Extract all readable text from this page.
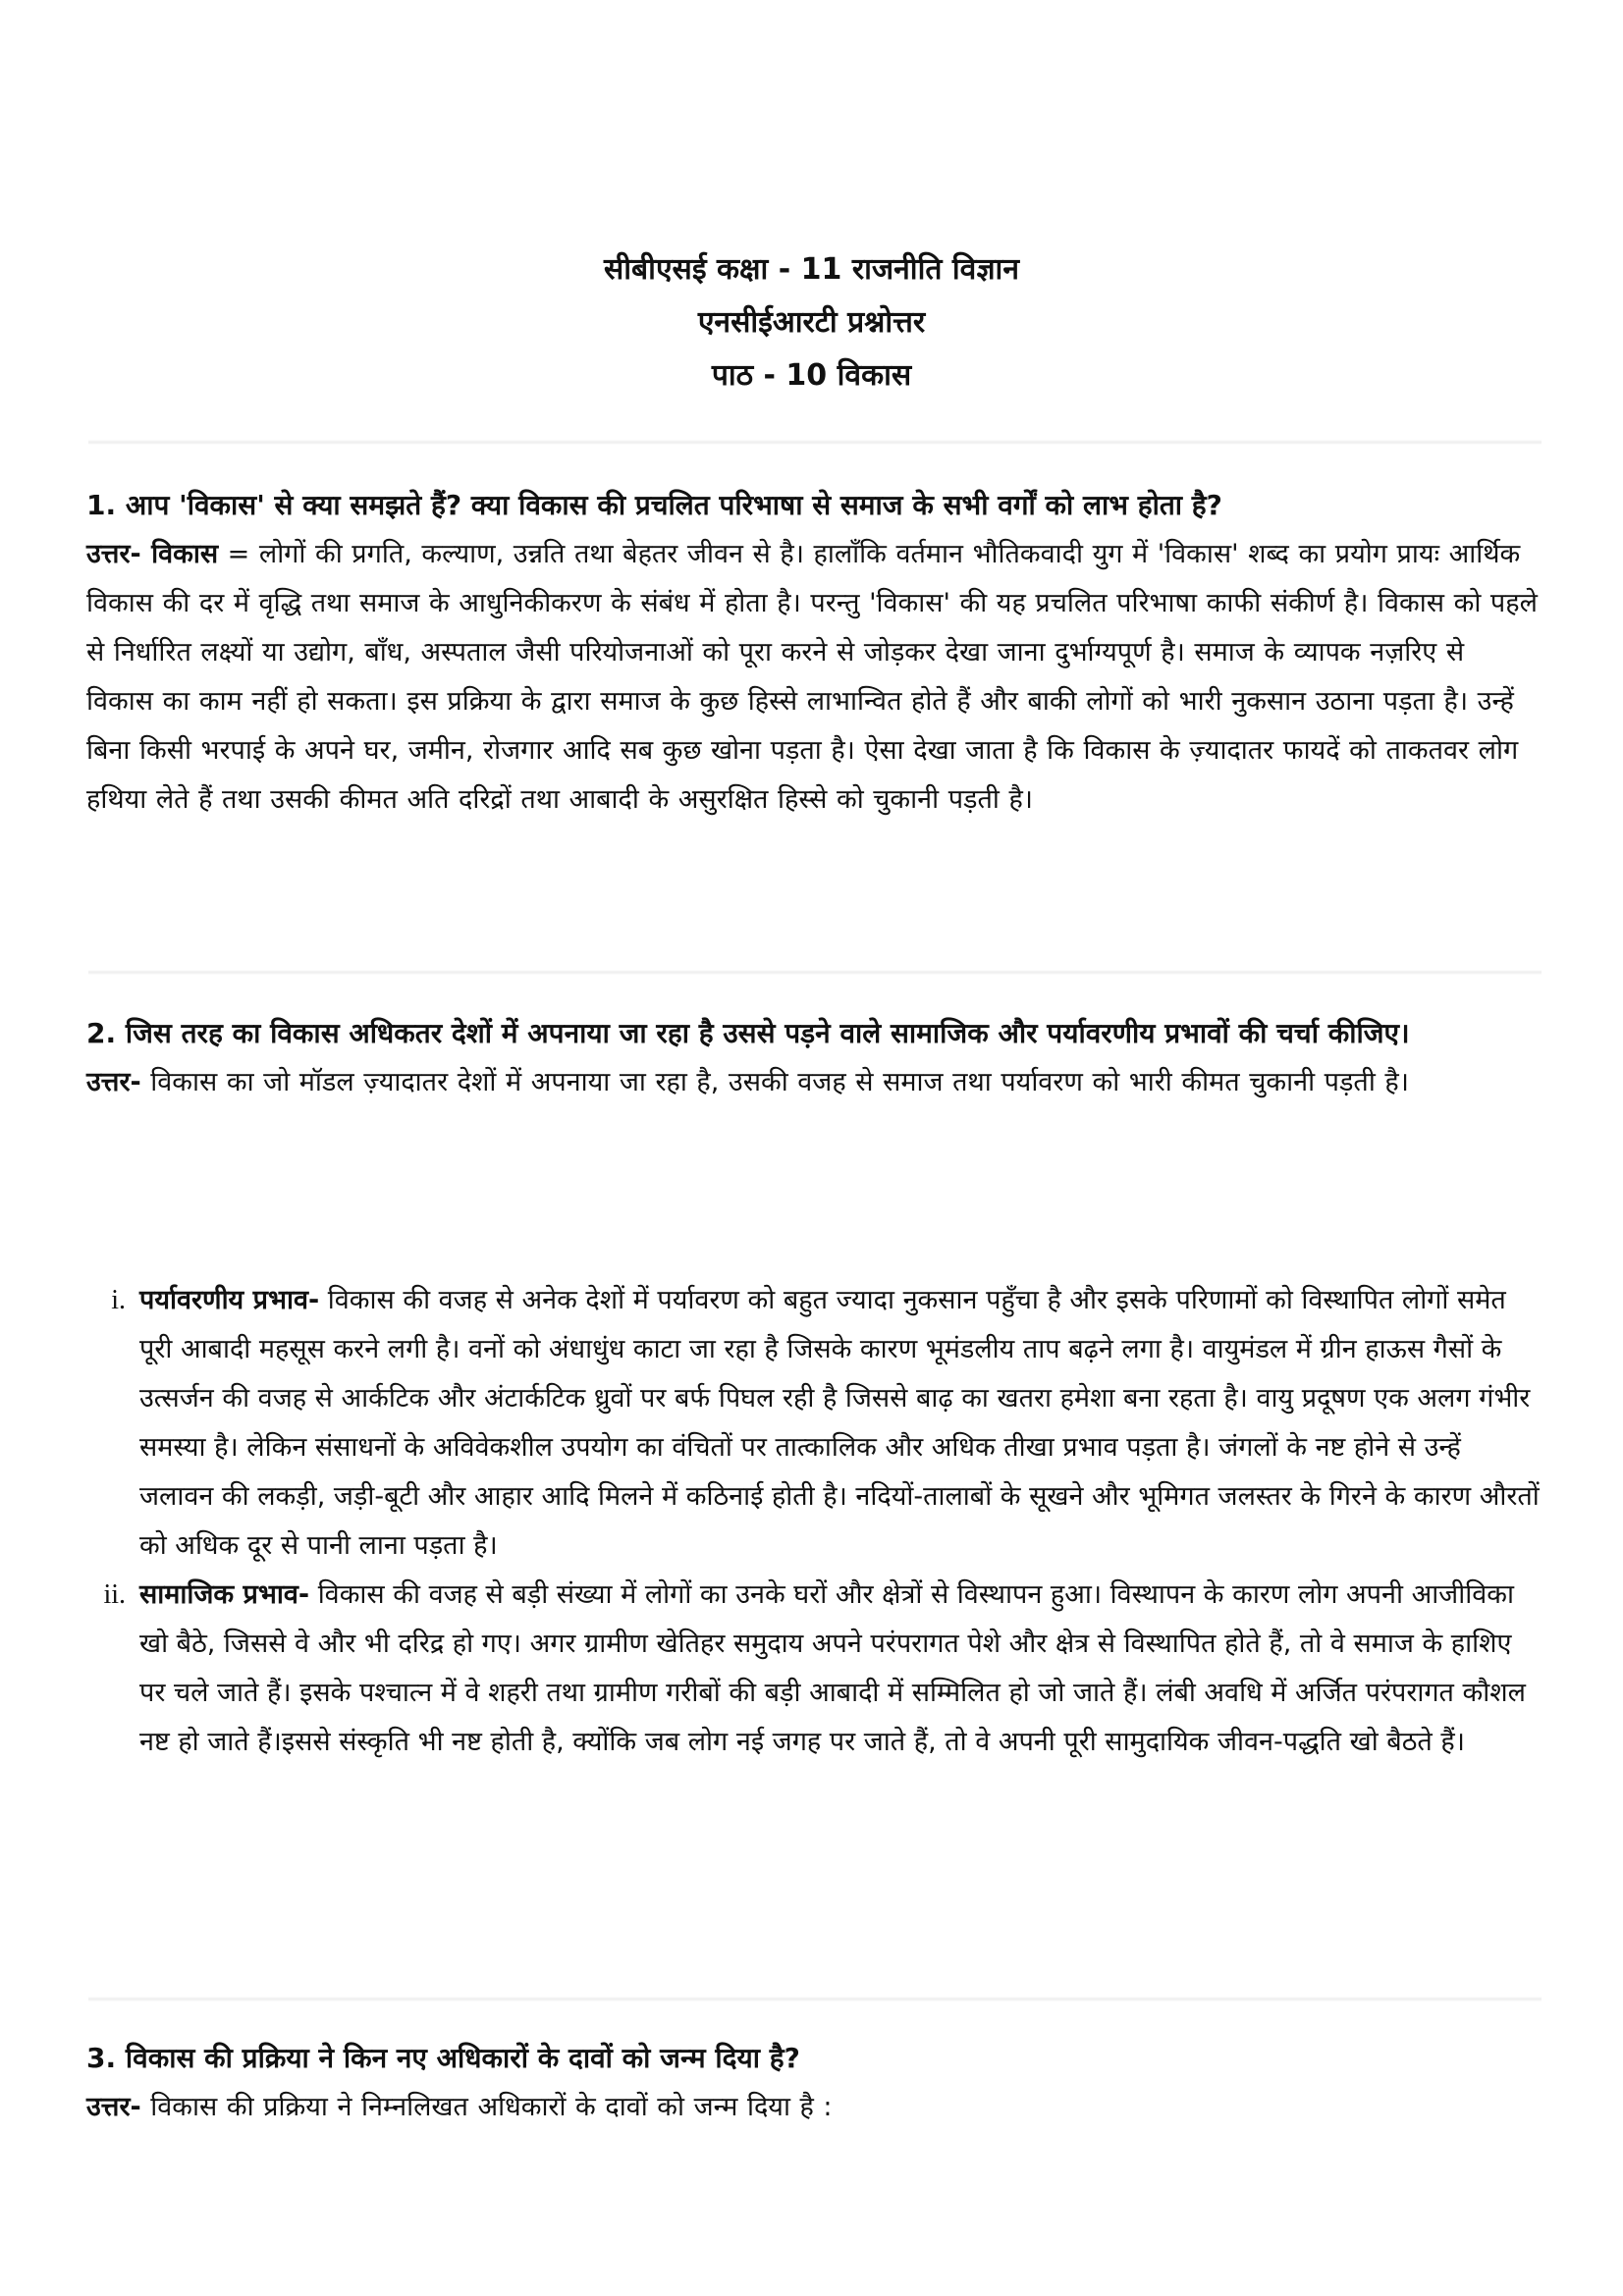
सीबीएसई कक्षा - 11 राजनीति विज्ञान
एनसीईआरटी प्रश्नोत्तर
पाठ - 10 विकास

1. आप 'विकास' से क्या समझते हैं? क्या विकास की प्रचलित परिभाषा से समाज के सभी वर्गों को लाभ होता है?

उत्तर- विकास = लोगों की प्रगति, कल्याण, उन्नति तथा बेहतर जीवन से है। हालाँकि वर्तमान भौतिकवादी युग में 'विकास' शब्द का प्रयोग प्रायः आर्थिक विकास की दर में वृद्धि तथा समाज के आधुनिकीकरण के संबंध में होता है। परन्तु 'विकास' की यह प्रचलित परिभाषा काफी संकीर्ण है। विकास को पहले से निर्धारित लक्ष्यों या उद्योग, बाँध, अस्पताल जैसी परियोजनाओं को पूरा करने से जोड़कर देखा जाना दुर्भाग्यपूर्ण है। समाज के व्यापक नज़रिए से विकास का काम नहीं हो सकता। इस प्रक्रिया के द्वारा समाज के कुछ हिस्से लाभान्वित होते हैं और बाकी लोगों को भारी नुकसान उठाना पड़ता है। उन्हें बिना किसी भरपाई के अपने घर, जमीन, रोजगार आदि सब कुछ खोना पड़ता है। ऐसा देखा जाता है कि विकास के ज़्यादातर फायदें को ताकतवर लोग हथिया लेते हैं तथा उसकी कीमत अति दरिद्रों तथा आबादी के असुरक्षित हिस्से को चुकानी पड़ती है।

2. जिस तरह का विकास अधिकतर देशों में अपनाया जा रहा है उससे पड़ने वाले सामाजिक और पर्यावरणीय प्रभावों की चर्चा कीजिए।

उत्तर- विकास का जो मॉडल ज़्यादातर देशों में अपनाया जा रहा है, उसकी वजह से समाज तथा पर्यावरण को भारी कीमत चुकानी पड़ती है।

i. पर्यावरणीय प्रभाव- विकास की वजह से अनेक देशों में पर्यावरण को बहुत ज्यादा नुकसान पहुँचा है और इसके परिणामों को विस्थापित लोगों समेत पूरी आबादी महसूस करने लगी है। वनों को अंधाधुंध काटा जा रहा है जिसके कारण भूमंडलीय ताप बढ़ने लगा है। वायुमंडल में ग्रीन हाऊस गैसों के उत्सर्जन की वजह से आर्कटिक और अंटार्कटिक ध्रुवों पर बर्फ पिघल रही है जिससे बाढ़ का खतरा हमेशा बना रहता है। वायु प्रदूषण एक अलग गंभीर समस्या है। लेकिन संसाधनों के अविवेकशील उपयोग का वंचितों पर तात्कालिक और अधिक तीखा प्रभाव पड़ता है। जंगलों के नष्ट होने से उन्हें जलावन की लकड़ी, जड़ी-बूटी और आहार आदि मिलने में कठिनाई होती है। नदियों-तालाबों के सूखने और भूमिगत जलस्तर के गिरने के कारण औरतों को अधिक दूर से पानी लाना पड़ता है।
ii. सामाजिक प्रभाव- विकास की वजह से बड़ी संख्या में लोगों का उनके घरों और क्षेत्रों से विस्थापन हुआ। विस्थापन के कारण लोग अपनी आजीविका खो बैठे, जिससे वे और भी दरिद्र हो गए। अगर ग्रामीण खेतिहर समुदाय अपने परंपरागत पेशे और क्षेत्र से विस्थापित होते हैं, तो वे समाज के हाशिए पर चले जाते हैं। इसके पश्चात्न में वे शहरी तथा ग्रामीण गरीबों की बड़ी आबादी में सम्मिलित हो जो जाते हैं। लंबी अवधि में अर्जित परंपरागत कौशल नष्ट हो जाते हैं।इससे संस्कृति भी नष्ट होती है, क्योंकि जब लोग नई जगह पर जाते हैं, तो वे अपनी पूरी सामुदायिक जीवन-पद्धति खो बैठते हैं।

3. विकास की प्रक्रिया ने किन नए अधिकारों के दावों को जन्म दिया है?

उत्तर- विकास की प्रक्रिया ने निम्नलिखत अधिकारों के दावों को जन्म दिया है :
